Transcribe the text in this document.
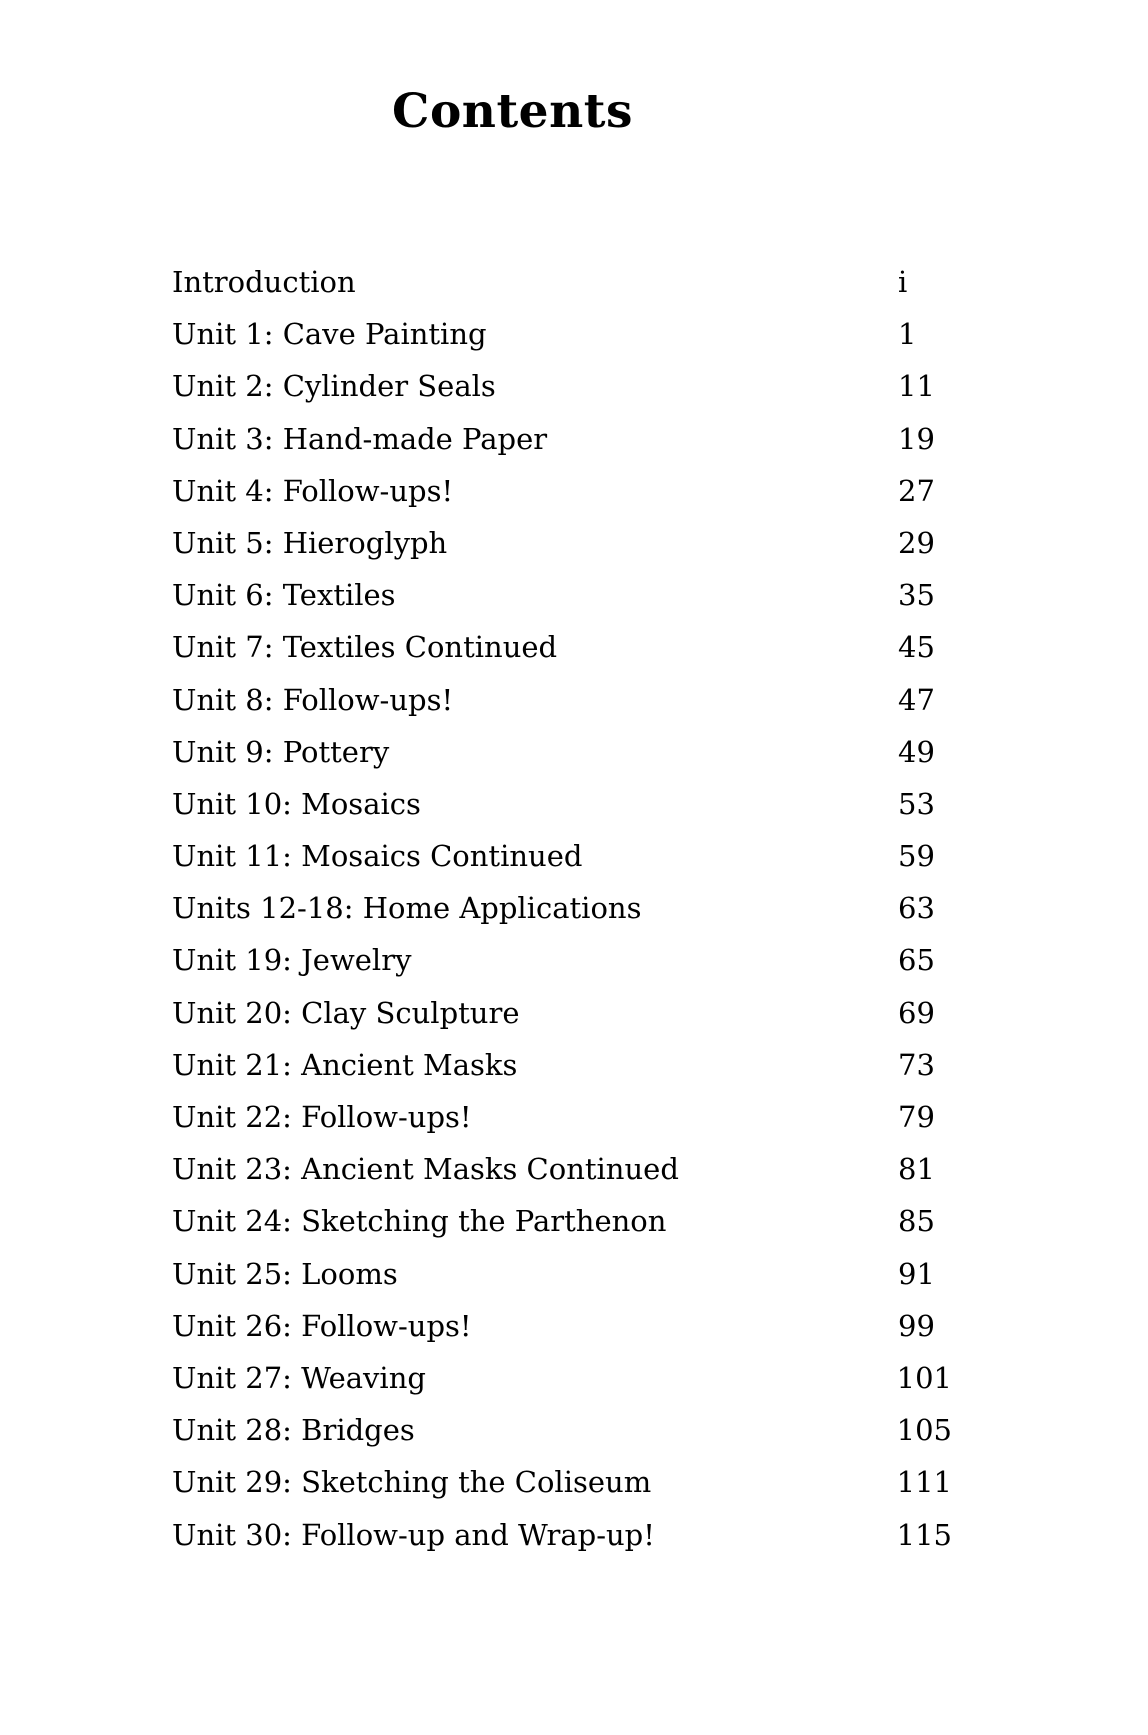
Contents
Introduction	i
Unit 1: Cave Painting	1
Unit 2: Cylinder Seals	11
Unit 3: Hand-made Paper	19
Unit 4: Follow-ups!	27
Unit 5: Hieroglyph	29
Unit 6: Textiles	35
Unit 7: Textiles Continued	45
Unit 8: Follow-ups!	47
Unit 9: Pottery	49
Unit 10: Mosaics	53
Unit 11: Mosaics Continued	59
Units 12-18: Home Applications	63
Unit 19: Jewelry	65
Unit 20: Clay Sculpture	69
Unit 21: Ancient Masks	73
Unit 22: Follow-ups!	79
Unit 23: Ancient Masks Continued	81
Unit 24: Sketching the Parthenon	85
Unit 25: Looms	91
Unit 26: Follow-ups!	99
Unit 27: Weaving	101
Unit 28: Bridges	105
Unit 29: Sketching the Coliseum	111
Unit 30: Follow-up and Wrap-up!	115
